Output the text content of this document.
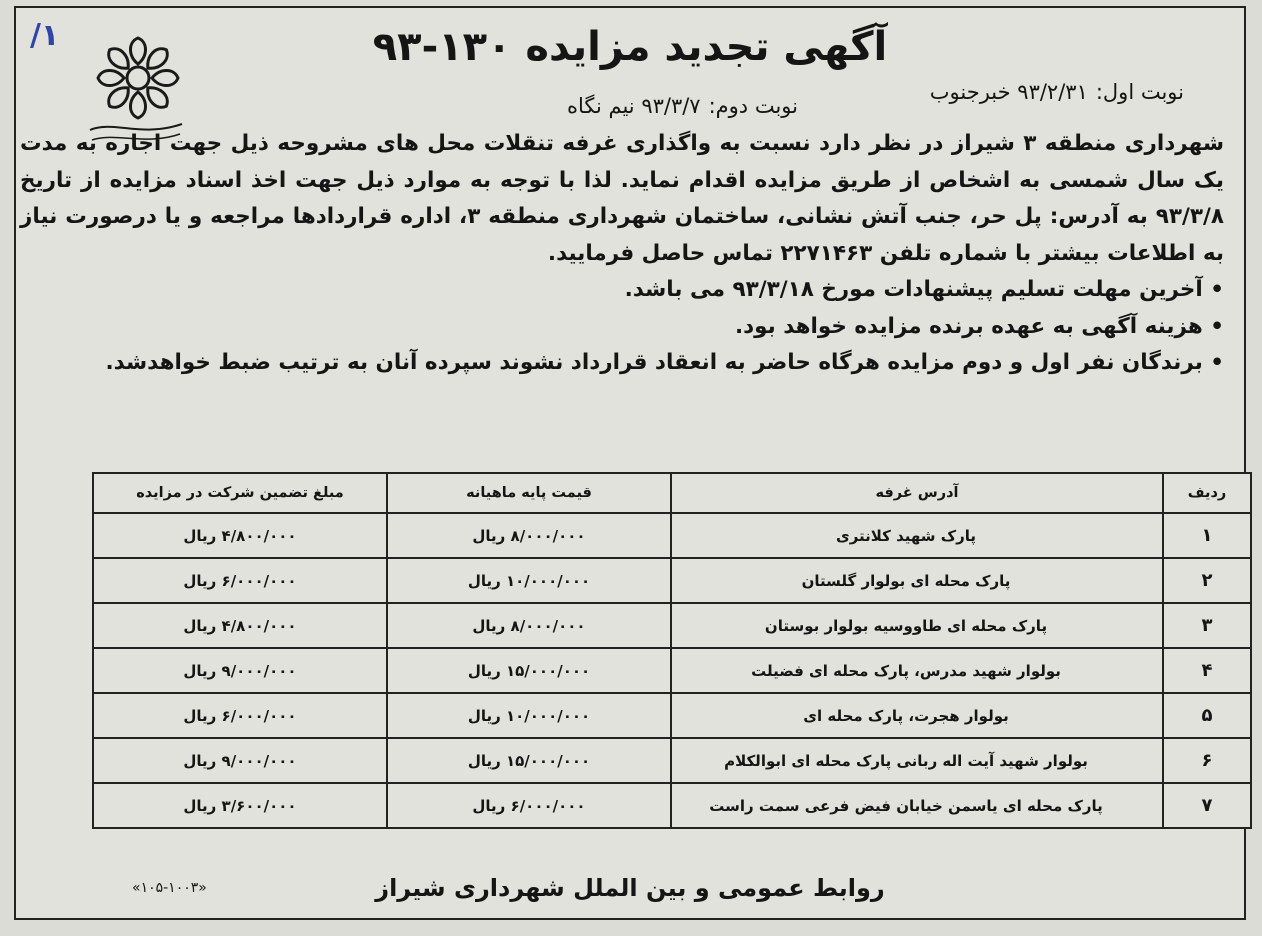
۱/	آگهی تجدید مزایده ۱۳۰-۹۳
نوبت اول:۹۳/۲/۳۱ خبرجنوب
نوبت دوم:۹۳/۳/۷ نیم نگاه

شهرداری منطقه ۳ شیراز در نظر دارد نسبت به واگذاری غرفه تنقلات محل های مشروحه ذیل جهت اجاره به مدت یک سال شمسی به اشخاص از طریق مزایده اقدام نماید. لذا با توجه به موارد ذیل جهت اخذ اسناد مزایده از تاریخ ۹۳/۳/۸ به آدرس: پل حر، جنب آتش نشانی، ساختمان شهرداری منطقه ۳، اداره قراردادها مراجعه و یا درصورت نیاز به اطلاعات بیشتر با شماره تلفن ۲۲۷۱۴۶۳ تماس حاصل فرمایید.

• آخرین مهلت تسلیم پیشنهادات مورخ ۹۳/۳/۱۸ می باشد.

• هزینه آگهی به عهده برنده مزایده خواهد بود.

• برندگان نفر اول و دوم مزایده هرگاه حاضر به انعقاد قرارداد نشوند سپرده آنان به ترتیب ضبط خواهدشد.

ردیف	آدرس غرفه	قیمت پایه ماهیانه	مبلغ تضمین شرکت در مزایده
۱	پارک شهید کلانتری	۸/۰۰۰/۰۰۰ ریال	۴/۸۰۰/۰۰۰ ریال
۲	پارک محله ای بولوار گلستان	۱۰/۰۰۰/۰۰۰ ریال	۶/۰۰۰/۰۰۰ ریال
۳	پارک محله ای طاووسیه بولوار بوستان	۸/۰۰۰/۰۰۰ ریال	۴/۸۰۰/۰۰۰ ریال
۴	بولوار شهید مدرس، پارک محله ای فضیلت	۱۵/۰۰۰/۰۰۰ ریال	۹/۰۰۰/۰۰۰ ریال
۵	بولوار هجرت، پارک محله ای	۱۰/۰۰۰/۰۰۰ ریال	۶/۰۰۰/۰۰۰ ریال
۶	بولوار شهید آیت اله ربانی پارک محله ای ابوالکلام	۱۵/۰۰۰/۰۰۰ ریال	۹/۰۰۰/۰۰۰ ریال
۷	پارک محله ای یاسمن خیابان فیض فرعی سمت راست	۶/۰۰۰/۰۰۰ ریال	۳/۶۰۰/۰۰۰ ریال
روابط عمومی و بین الملل شهرداری شیراز
«۱۰۵-۱۰۰۳»
